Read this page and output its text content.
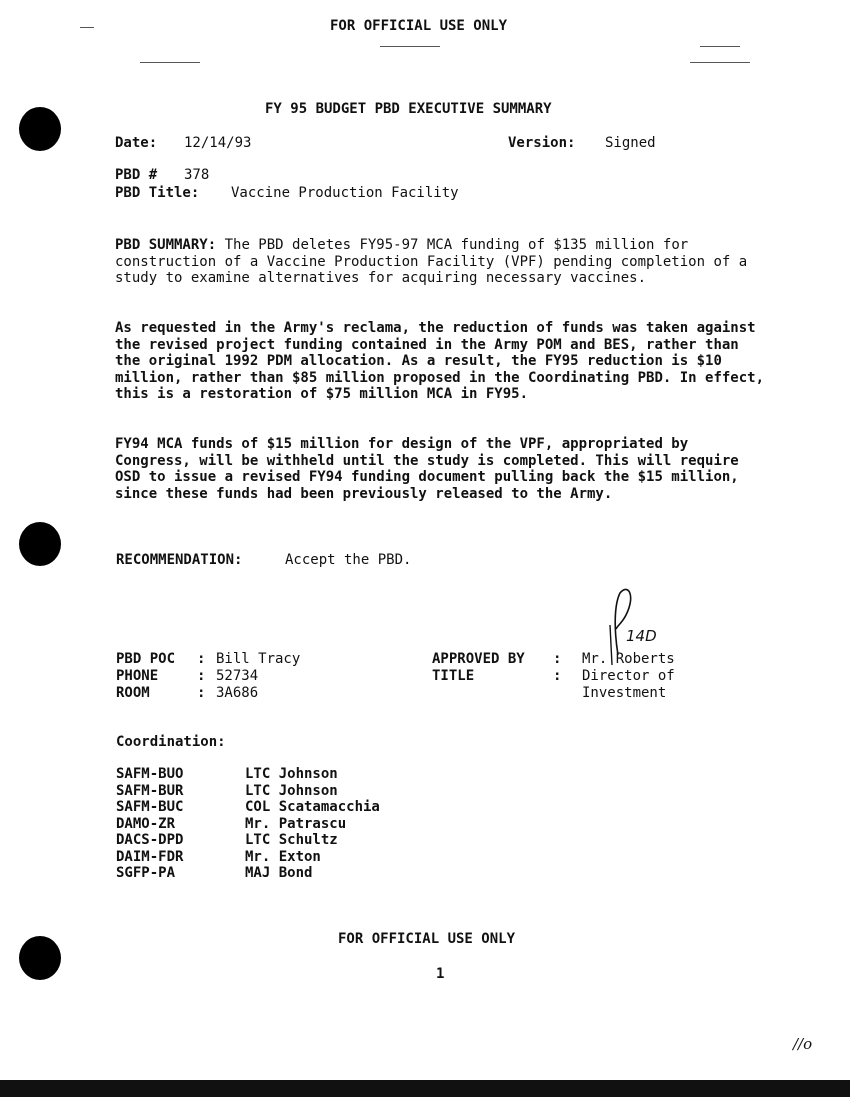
FOR OFFICIAL USE ONLY
FY 95 BUDGET PBD EXECUTIVE SUMMARY
Date: 12/14/93	Version: Signed
PBD # 378
PBD Title: Vaccine Production Facility
PBD SUMMARY: The PBD deletes FY95-97 MCA funding of $135 million for construction of a Vaccine Production Facility (VPF) pending completion of a study to examine alternatives for acquiring necessary vaccines.
As requested in the Army's reclama, the reduction of funds was taken against the revised project funding contained in the Army POM and BES, rather than the original 1992 PDM allocation. As a result, the FY95 reduction is $10 million, rather than $85 million proposed in the Coordinating PBD. In effect, this is a restoration of $75 million MCA in FY95.
FY94 MCA funds of $15 million for design of the VPF, appropriated by Congress, will be withheld until the study is completed. This will require OSD to issue a revised FY94 funding document pulling back the $15 million, since these funds had been previously released to the Army.
RECOMMENDATION:	Accept the PBD.
14D
PBD POC : Bill Tracy
PHONE	: 52734
ROOM	: 3A686
APPROVED BY : Mr. Roberts
TITLE	: Director of
Investment
Coordination:
SAFM-BUO	LTC Johnson
SAFM-BUR	LTC Johnson
SAFM-BUC	COL Scatamacchia
DAMO-ZR	Mr. Patrascu
DACS-DPD	LTC Schultz
DAIM-FDR	Mr. Exton
SGFP-PA	MAJ Bond
FOR OFFICIAL USE ONLY
1
//o
